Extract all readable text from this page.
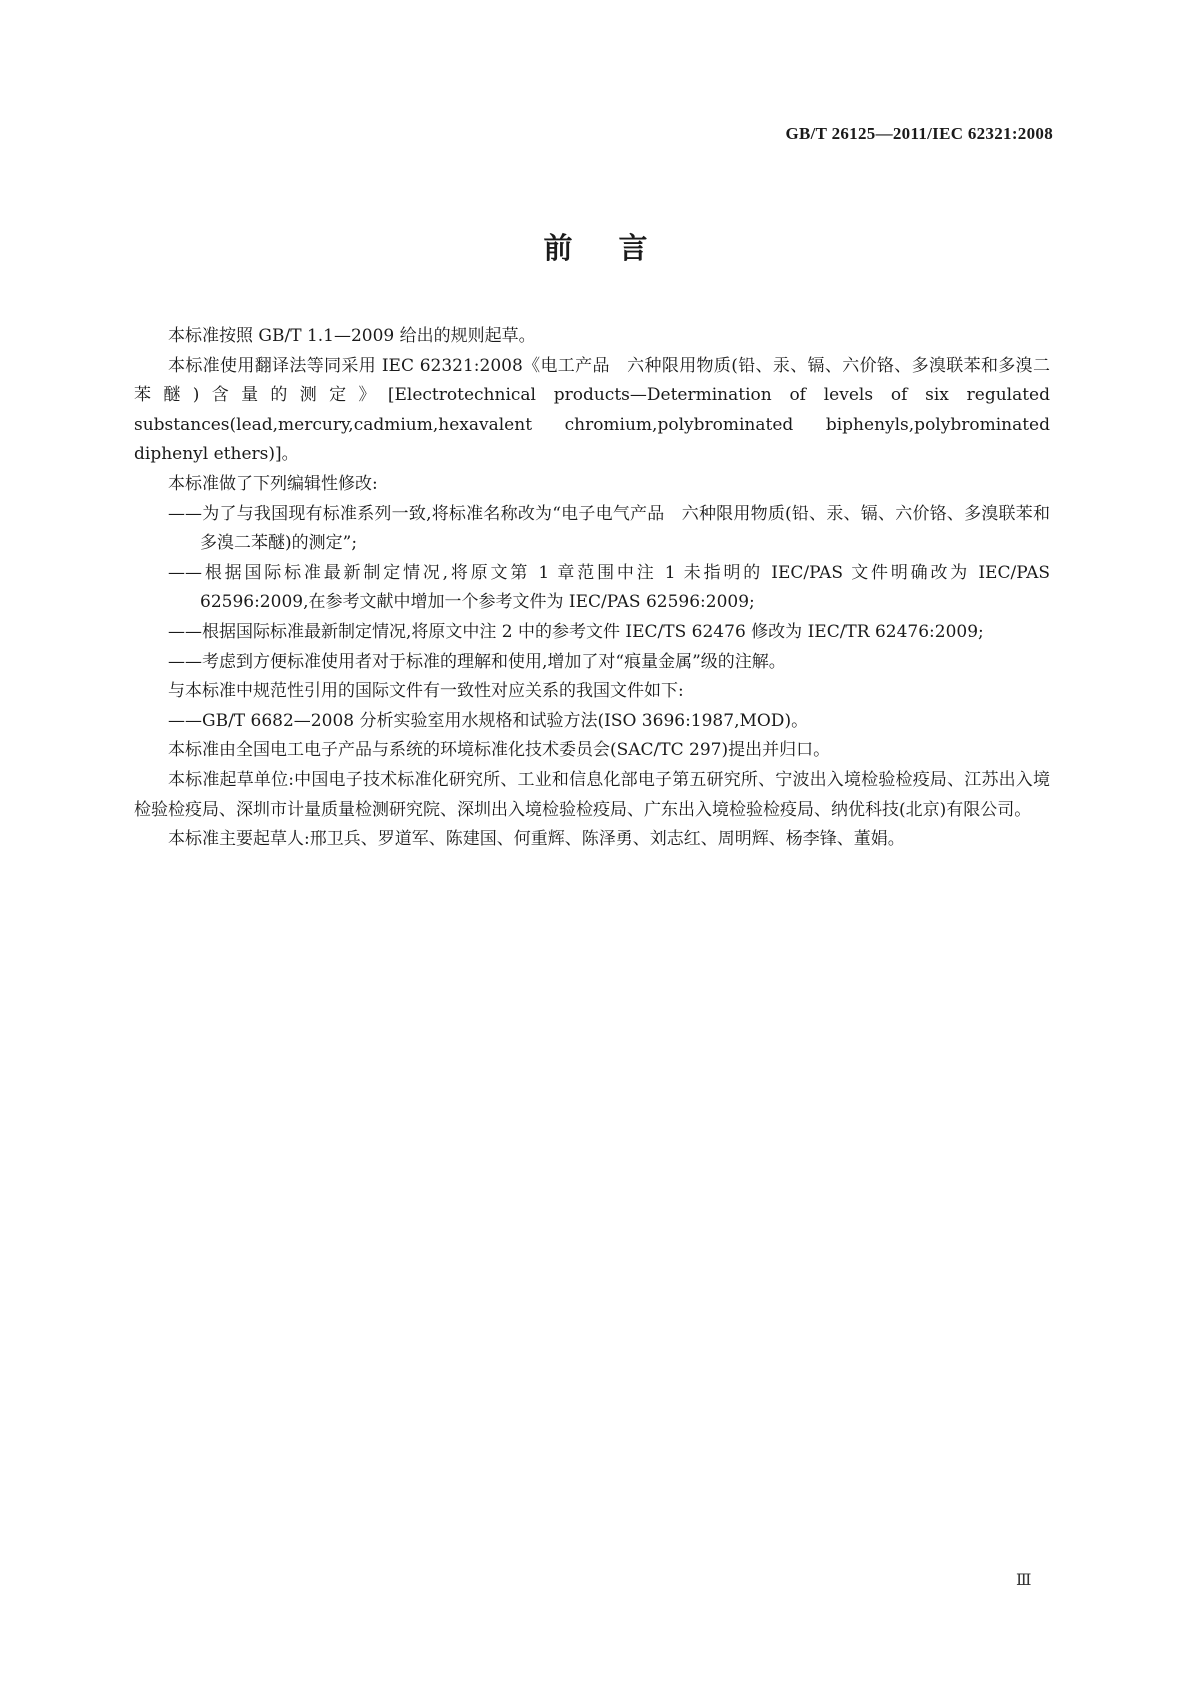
GB/T 26125—2011/IEC 62321:2008
前言

本标准按照 GB/T 1.1—2009 给出的规则起草。

本标准使用翻译法等同采用 IEC 62321:2008《电工产品　六种限用物质(铅、汞、镉、六价铬、多溴联苯和多溴二苯醚)含量的测定》[Electrotechnical products—Determination of levels of six regulated substances(lead,mercury,cadmium,hexavalent chromium,polybrominated biphenyls,polybrominated diphenyl ethers)]。

本标准做了下列编辑性修改:

——为了与我国现有标准系列一致,将标准名称改为“电子电气产品　六种限用物质(铅、汞、镉、六价铬、多溴联苯和多溴二苯醚)的测定”;

——根据国际标准最新制定情况,将原文第 1 章范围中注 1 未指明的 IEC/PAS 文件明确改为 IEC/PAS 62596:2009,在参考文献中增加一个参考文件为 IEC/PAS 62596:2009;

——根据国际标准最新制定情况,将原文中注 2 中的参考文件 IEC/TS 62476 修改为 IEC/TR 62476:2009;

——考虑到方便标准使用者对于标准的理解和使用,增加了对“痕量金属”级的注解。

与本标准中规范性引用的国际文件有一致性对应关系的我国文件如下:

——GB/T 6682—2008 分析实验室用水规格和试验方法(ISO 3696:1987,MOD)。

本标准由全国电工电子产品与系统的环境标准化技术委员会(SAC/TC 297)提出并归口。

本标准起草单位:中国电子技术标准化研究所、工业和信息化部电子第五研究所、宁波出入境检验检疫局、江苏出入境检验检疫局、深圳市计量质量检测研究院、深圳出入境检验检疫局、广东出入境检验检疫局、纳优科技(北京)有限公司。

本标准主要起草人:邢卫兵、罗道军、陈建国、何重辉、陈泽勇、刘志红、周明辉、杨李锋、董娟。

Ⅲ
